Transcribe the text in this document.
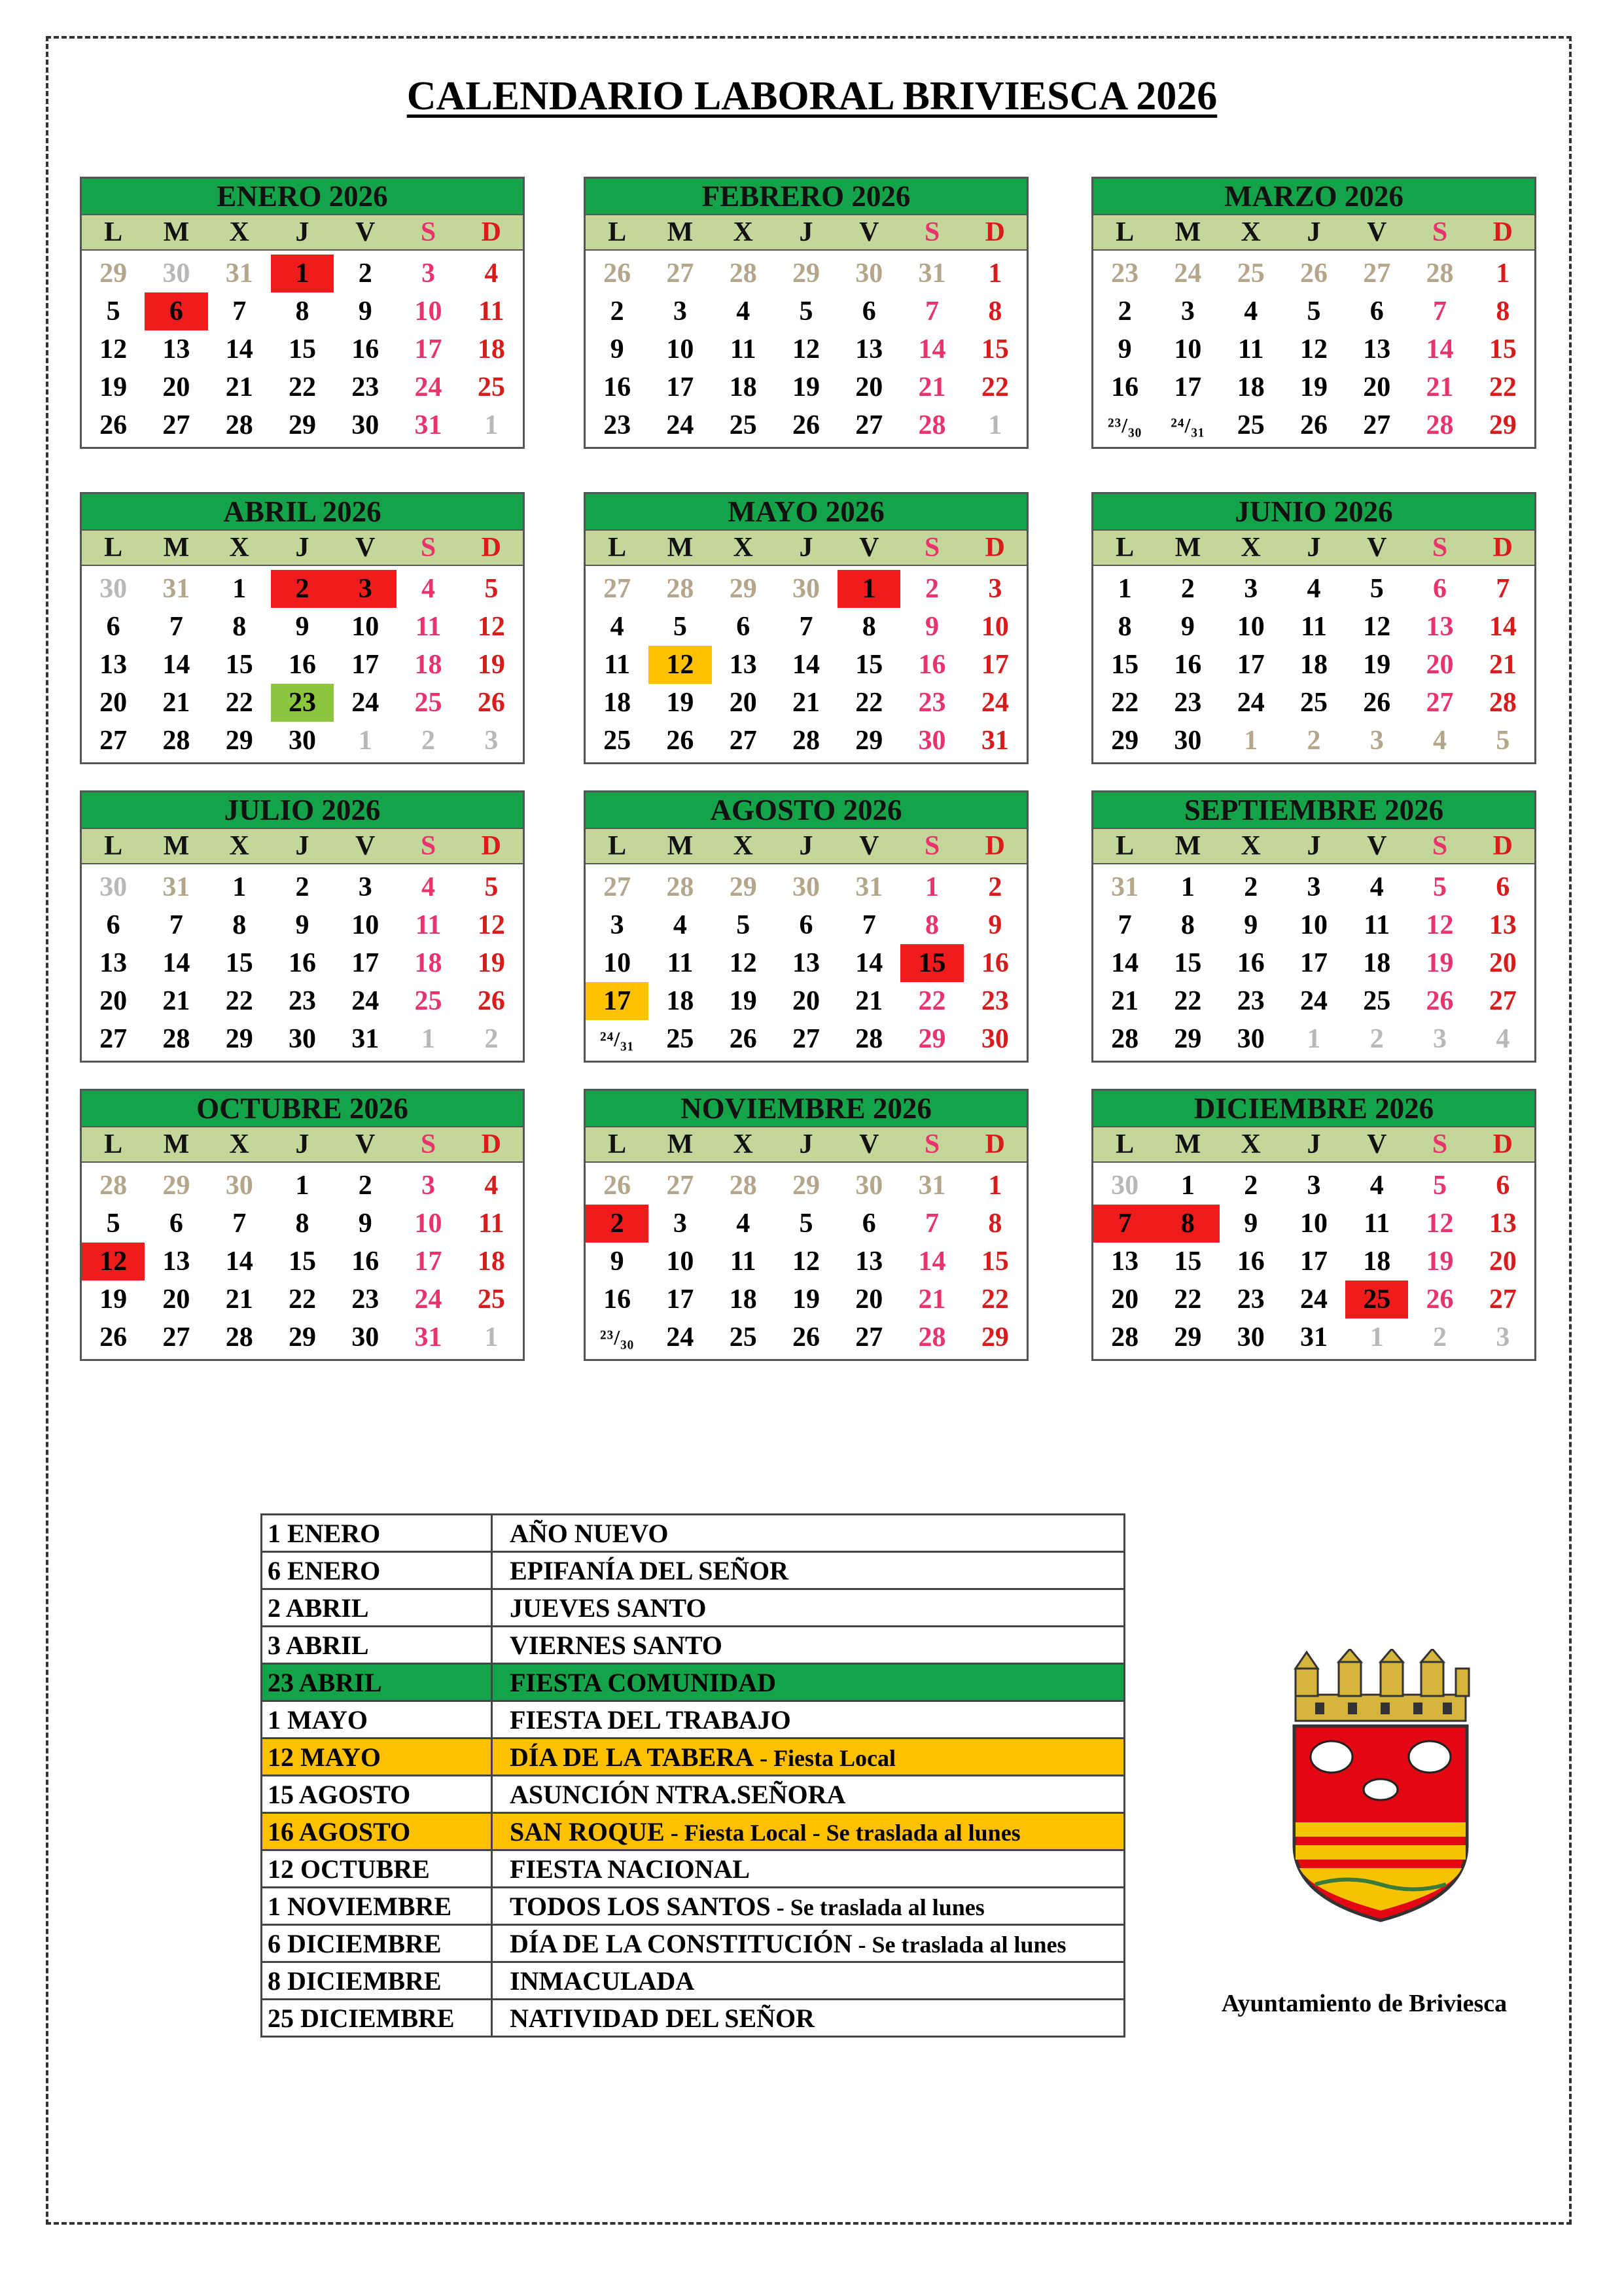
CALENDARIO LABORAL BRIVIESCA 2026
ENERO 2026
L	M	X	J	V	S	D
29	30	31	1	2	3	4
5	6	7	8	9	10	11
12	13	14	15	16	17	18
19	20	21	22	23	24	25
26	27	28	29	30	31	1
FEBRERO 2026
L	M	X	J	V	S	D
26	27	28	29	30	31	1
2	3	4	5	6	7	8
9	10	11	12	13	14	15
16	17	18	19	20	21	22
23	24	25	26	27	28	1
MARZO 2026
L	M	X	J	V	S	D
23	24	25	26	27	28	1
2	3	4	5	6	7	8
9	10	11	12	13	14	15
16	17	18	19	20	21	22
²³/₃₀	²⁴/₃₁	25	26	27	28	29
ABRIL 2026
L	M	X	J	V	S	D
30	31	1	2	3	4	5
6	7	8	9	10	11	12
13	14	15	16	17	18	19
20	21	22	23	24	25	26
27	28	29	30	1	2	3
MAYO 2026
L	M	X	J	V	S	D
27	28	29	30	1	2	3
4	5	6	7	8	9	10
11	12	13	14	15	16	17
18	19	20	21	22	23	24
25	26	27	28	29	30	31
JUNIO 2026
L	M	X	J	V	S	D
1	2	3	4	5	6	7
8	9	10	11	12	13	14
15	16	17	18	19	20	21
22	23	24	25	26	27	28
29	30	1	2	3	4	5
JULIO 2026
L	M	X	J	V	S	D
30	31	1	2	3	4	5
6	7	8	9	10	11	12
13	14	15	16	17	18	19
20	21	22	23	24	25	26
27	28	29	30	31	1	2
AGOSTO 2026
L	M	X	J	V	S	D
27	28	29	30	31	1	2
3	4	5	6	7	8	9
10	11	12	13	14	15	16
17	18	19	20	21	22	23
²⁴/₃₁	25	26	27	28	29	30
SEPTIEMBRE 2026
L	M	X	J	V	S	D
31	1	2	3	4	5	6
7	8	9	10	11	12	13
14	15	16	17	18	19	20
21	22	23	24	25	26	27
28	29	30	1	2	3	4
OCTUBRE 2026
L	M	X	J	V	S	D
28	29	30	1	2	3	4
5	6	7	8	9	10	11
12	13	14	15	16	17	18
19	20	21	22	23	24	25
26	27	28	29	30	31	1
NOVIEMBRE 2026
L	M	X	J	V	S	D
26	27	28	29	30	31	1
2	3	4	5	6	7	8
9	10	11	12	13	14	15
16	17	18	19	20	21	22
²³/₃₀	24	25	26	27	28	29
DICIEMBRE 2026
L	M	X	J	V	S	D
30	1	2	3	4	5	6
7	8	9	10	11	12	13
13	15	16	17	18	19	20
20	22	23	24	25	26	27
28	29	30	31	1	2	3
1 ENERO	AÑO NUEVO
6 ENERO	EPIFANÍA DEL SEÑOR
2 ABRIL	JUEVES SANTO
3 ABRIL	VIERNES SANTO
23 ABRIL	FIESTA COMUNIDAD
1 MAYO	FIESTA DEL TRABAJO
12 MAYO	DÍA DE LA TABERA - Fiesta Local
15 AGOSTO	ASUNCIÓN NTRA.SEÑORA
16 AGOSTO	SAN ROQUE - Fiesta Local - Se traslada al lunes
12 OCTUBRE	FIESTA NACIONAL
1 NOVIEMBRE	TODOS LOS SANTOS - Se traslada al lunes
6 DICIEMBRE	DÍA DE LA CONSTITUCIÓN - Se traslada al lunes
8 DICIEMBRE	INMACULADA
25 DICIEMBRE	NATIVIDAD DEL SEÑOR	Ayuntamiento de Briviesca
